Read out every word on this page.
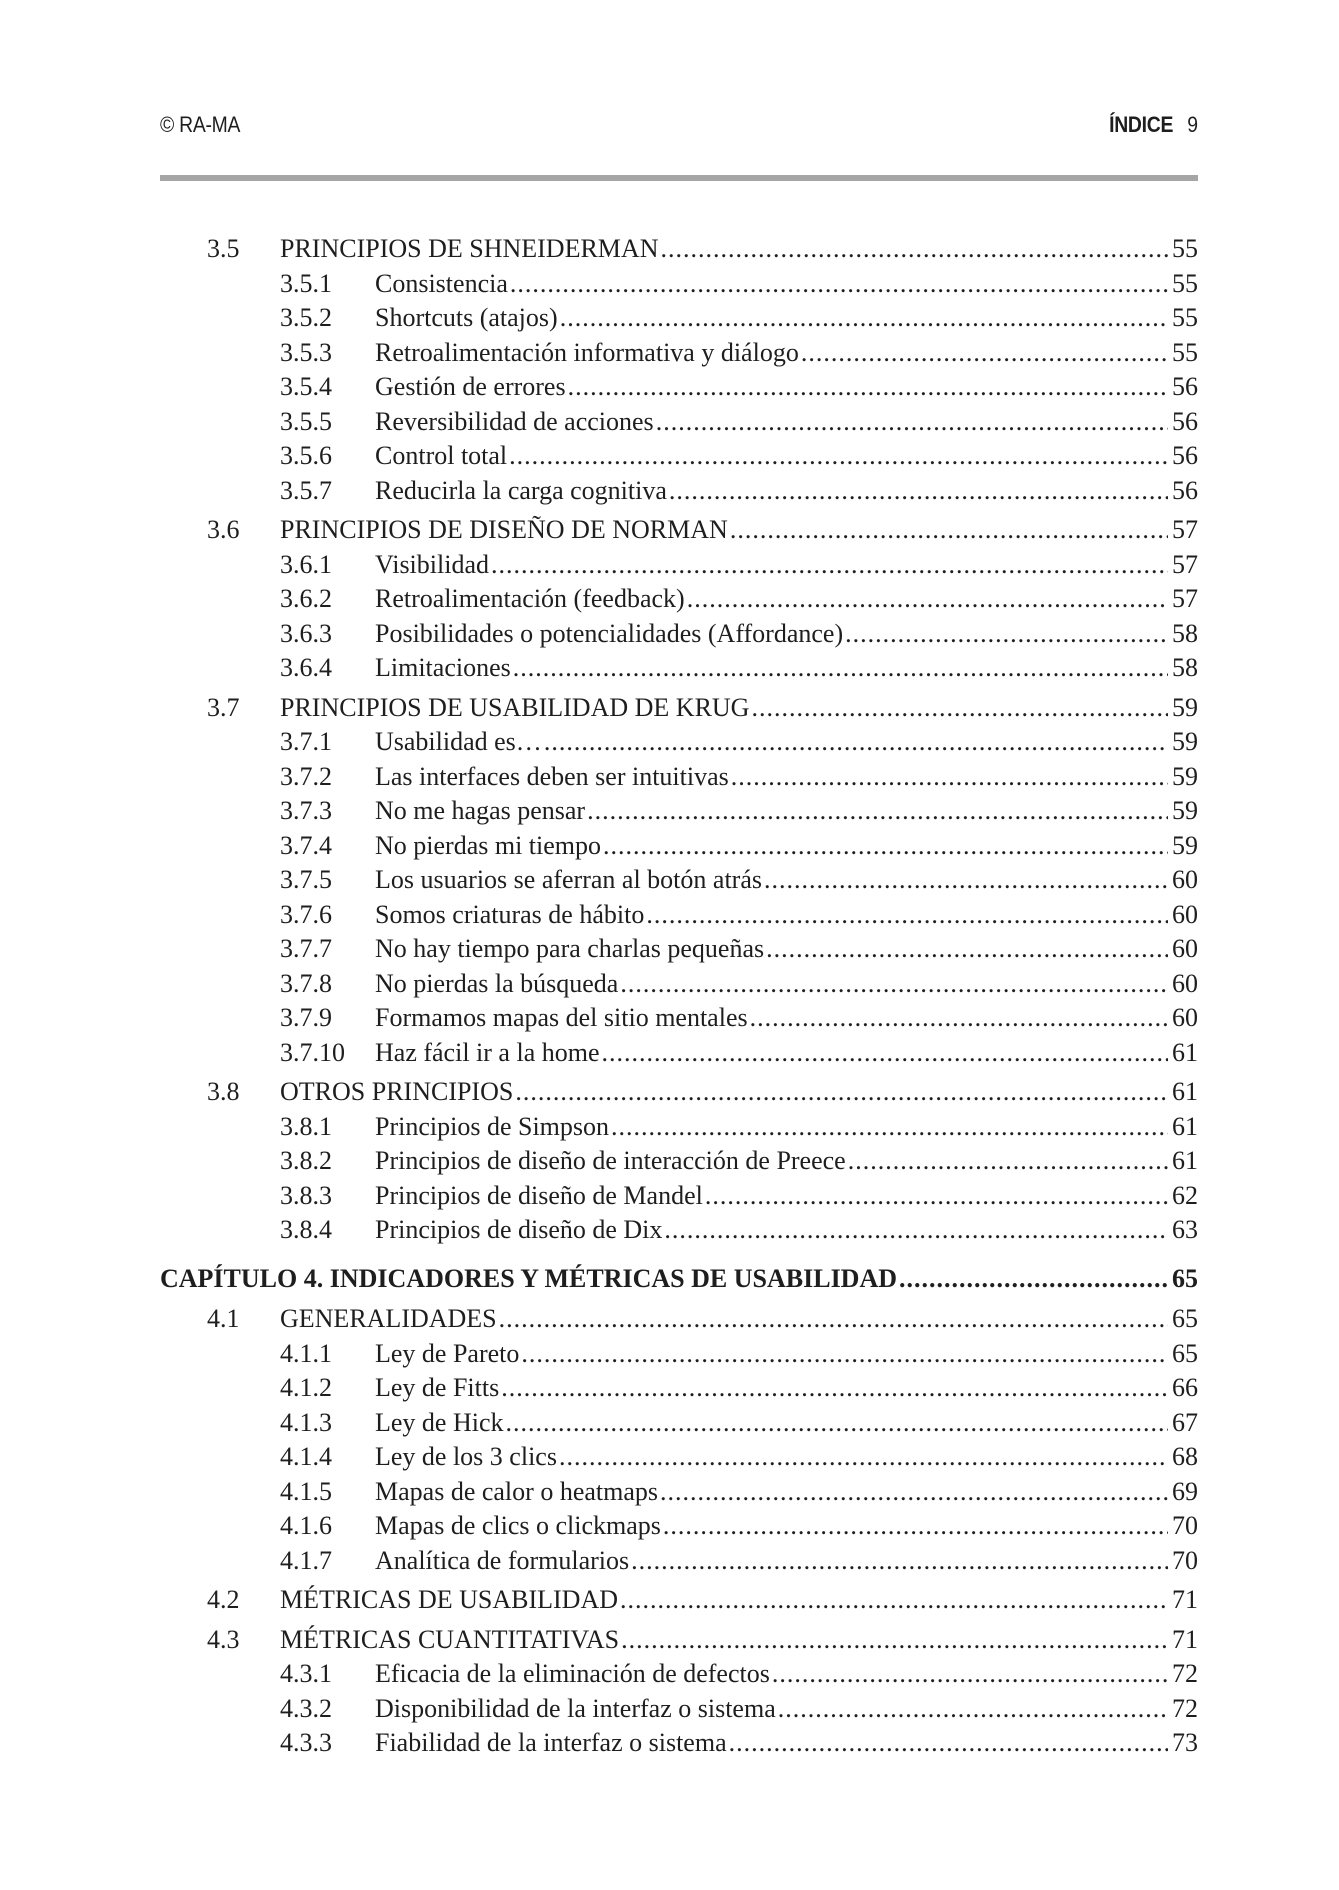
© RA-MA	ÍNDICE 9
3.5 PRINCIPIOS DE SHNEIDERMAN .....	55
3.5.1 Consistencia .....	55
3.5.2 Shortcuts (atajos) .....	55
3.5.3 Retroalimentación informativa y diálogo .....	55
3.5.4 Gestión de errores .....	56
3.5.5 Reversibilidad de acciones .....	56
3.5.6 Control total .....	56
3.5.7 Reducirla la carga cognitiva .....	56
3.6 PRINCIPIOS DE DISEÑO DE NORMAN .....	57
3.6.1 Visibilidad .....	57
3.6.2 Retroalimentación (feedback) .....	57
3.6.3 Posibilidades o potencialidades (Affordance) .....	58
3.6.4 Limitaciones .....	58
3.7 PRINCIPIOS DE USABILIDAD DE KRUG .....	59
3.7.1 Usabilidad es… .....	59
3.7.2 Las interfaces deben ser intuitivas .....	59
3.7.3 No me hagas pensar .....	59
3.7.4 No pierdas mi tiempo .....	59
3.7.5 Los usuarios se aferran al botón atrás .....	60
3.7.6 Somos criaturas de hábito .....	60
3.7.7 No hay tiempo para charlas pequeñas .....	60
3.7.8 No pierdas la búsqueda .....	60
3.7.9 Formamos mapas del sitio mentales .....	60
3.7.10 Haz fácil ir a la home .....	61
3.8 OTROS PRINCIPIOS .....	61
3.8.1 Principios de Simpson .....	61
3.8.2 Principios de diseño de interacción de Preece .....	61
3.8.3 Principios de diseño de Mandel .....	62
3.8.4 Principios de diseño de Dix .....	63
CAPÍTULO 4. INDICADORES Y MÉTRICAS DE USABILIDAD .....	65
4.1 GENERALIDADES .....	65
4.1.1 Ley de Pareto .....	65
4.1.2 Ley de Fitts .....	66
4.1.3 Ley de Hick .....	67
4.1.4 Ley de los 3 clics .....	68
4.1.5 Mapas de calor o heatmaps .....	69
4.1.6 Mapas de clics o clickmaps .....	70
4.1.7 Analítica de formularios .....	70
4.2 MÉTRICAS DE USABILIDAD .....	71
4.3 MÉTRICAS CUANTITATIVAS .....	71
4.3.1 Eficacia de la eliminación de defectos .....	72
4.3.2 Disponibilidad de la interfaz o sistema .....	72
4.3.3 Fiabilidad de la interfaz o sistema .....	73
